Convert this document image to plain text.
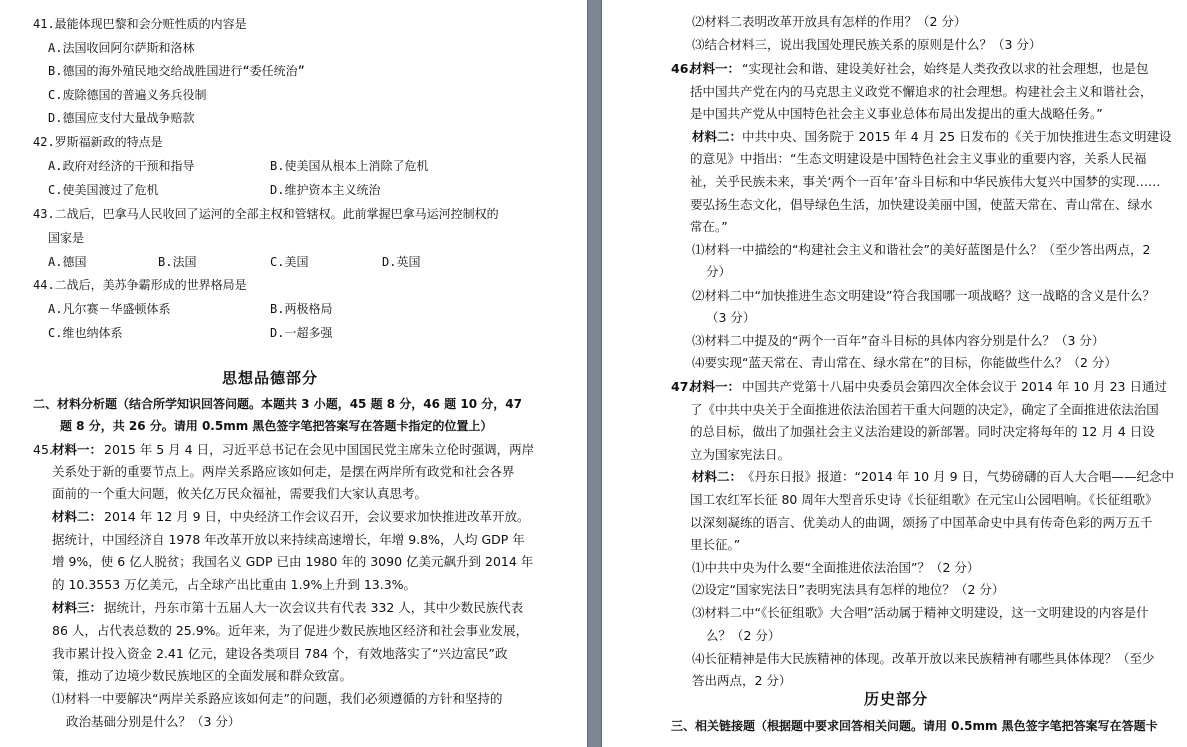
41.最能体现巴黎和会分赃性质的内容是
A.法国收回阿尔萨斯和洛林
B.德国的海外殖民地交给战胜国进行“委任统治”
C.废除德国的普遍义务兵役制
D.德国应支付大量战争赔款
42.罗斯福新政的特点是
A.政府对经济的干预和指导	B.使美国从根本上消除了危机
C.使美国渡过了危机	D.维护资本主义统治
43.二战后，巴拿马人民收回了运河的全部主权和管辖权。此前掌握巴拿马运河控制权的
国家是
A.德国	B.法国	C.美国	D.英国
44.二战后，美苏争霸形成的世界格局是
A.凡尔赛－华盛顿体系	B.两极格局
C.维也纳体系	D.一超多强
思想品德部分
二、材料分析题（结合所学知识回答问题。本题共 3 小题，45 题 8 分，46 题 10 分，47
题 8 分，共 26 分。请用 0.5mm 黑色签字笔把答案写在答题卡指定的位置上）
45. 材料一： 2015 年 5 月 4 日，习近平总书记在会见中国国民党主席朱立伦时强调，两岸
关系处于新的重要节点上。两岸关系路应该如何走，是摆在两岸所有政党和社会各界
面前的一个重大问题，攸关亿万民众福祉，需要我们大家认真思考。
材料二： 2014 年 12 月 9 日，中央经济工作会议召开，会议要求加快推进改革开放。
据统计，中国经济自 1978 年改革开放以来持续高速增长，年增 9.8%，人均 GDP 年
增 9%，使 6 亿人脱贫；我国名义 GDP 已由 1980 年的 3090 亿美元飙升到 2014 年
的 10.3553 万亿美元，占全球产出比重由 1.9%上升到 13.3%。
材料三： 据统计，丹东市第十五届人大一次会议共有代表 332 人，其中少数民族代表
86 人，占代表总数的 25.9%。近年来，为了促进少数民族地区经济和社会事业发展，
我市累计投入资金 2.41 亿元，建设各类项目 784 个，有效地落实了“兴边富民”政
策，推动了边境少数民族地区的全面发展和群众致富。
⑴材料一中要解决“两岸关系路应该如何走”的问题，我们必须遵循的方针和坚持的
政治基础分别是什么？（3 分）
⑵材料二表明改革开放具有怎样的作用？（2 分）
⑶结合材料三，说出我国处理民族关系的原则是什么？（3 分）
46.
材料一： “实现社会和谐、建设美好社会，始终是人类孜孜以求的社会理想，也是包
括中国共产党在内的马克思主义政党不懈追求的社会理想。构建社会主义和谐社会，
是中国共产党从中国特色社会主义事业总体布局出发提出的重大战略任务。”
材料二： 中共中央、国务院于 2015 年 4 月 25 日发布的《关于加快推进生态文明建设
的意见》中指出：“生态文明建设是中国特色社会主义事业的重要内容，关系人民福
祉，关乎民族未来，事关‘两个一百年’奋斗目标和中华民族伟大复兴中国梦的实现……
要弘扬生态文化，倡导绿色生活，加快建设美丽中国，使蓝天常在、青山常在、绿水
常在。”
⑴材料一中描绘的“构建社会主义和谐社会”的美好蓝图是什么？（至少答出两点，2
分）
⑵材料二中“加快推进生态文明建设”符合我国哪一项战略？这一战略的含义是什么？
（3 分）
⑶材料二中提及的“两个一百年”奋斗目标的具体内容分别是什么？（3 分）
⑷要实现“蓝天常在、青山常在、绿水常在”的目标，你能做些什么？（2 分）
47.
材料一： 中国共产党第十八届中央委员会第四次全体会议于 2014 年 10 月 23 日通过
了《中共中央关于全面推进依法治国若干重大问题的决定》，确定了全面推进依法治国
的总目标，做出了加强社会主义法治建设的新部署。同时决定将每年的 12 月 4 日设
立为国家宪法日。
材料二： 《丹东日报》报道：“2014 年 10 月 9 日，气势磅礴的百人大合唱——纪念中
国工农红军长征 80 周年大型音乐史诗《长征组歌》在元宝山公园唱响。《长征组歌》
以深刻凝练的语言、优美动人的曲调，颂扬了中国革命史中具有传奇色彩的两万五千
里长征。”
⑴中共中央为什么要“全面推进依法治国”？（2 分）
⑵设定“国家宪法日”表明宪法具有怎样的地位？（2 分）
⑶材料二中“《长征组歌》大合唱”活动属于精神文明建设，这一文明建设的内容是什
么？（2 分）
⑷长征精神是伟大民族精神的体现。改革开放以来民族精神有哪些具体体现？（至少
答出两点，2 分）
历史部分
三、相关链接题（根据题中要求回答相关问题。请用 0.5mm 黑色签字笔把答案写在答题卡
